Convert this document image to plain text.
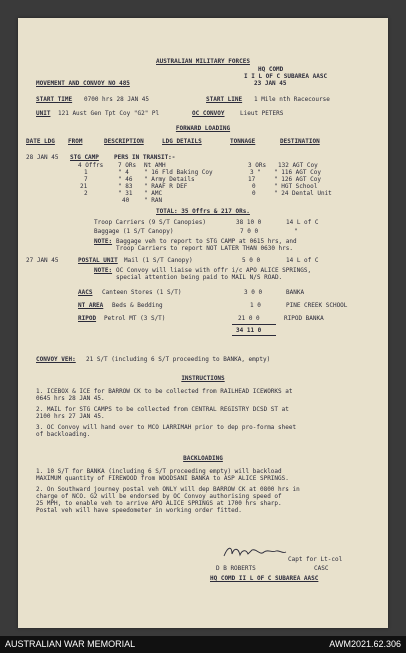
AUSTRALIAN MILITARY FORCES
HQ COMD
I I L OF C SUBAREA AASC
23 JAN 45
MOVEMENT AND CONVOY NO 485
START TIME 0700 hrs 28 JAN 45	START LINE 1 Mile nth Racecourse
UNIT 121 Aust Gen Tpt Coy "G2" Pl	OC CONVOY	Lieut PETERS
FORWARD LOADING
DATE LDG FROM	DESCRIPTION	LDG DETAILS	TONNAGE	DESTINATION
28 JAN 45 STG CAMP	PERS IN TRANSIT:-
4 Offrs 7 ORs Nt AMH	3 ORs 132 AGT Coy
1	" 4	" 16 Fld Baking Coy	3 " " 116 AGT Coy
7	" 46 " Army Details	17	" 126 AGT Coy
21	" 83 " RAAF R DEF	0	" HGT School
2	" 31 " AMC	0	" 24 Dental Unit
40 " RAN
TOTAL: 35 Offrs & 217 ORs.
Troop Carriers (9 S/T Canopies)	38 10 0	14 L of C
Baggage (1 S/T Canopy)	7 0 0	"
NOTE: Baggage veh to report to STG CAMP at 0615 hrs, and
Troop Carriers to report NOT LATER THAN 0630 hrs.
27 JAN 45	POSTAL UNIT Mail (1 S/T Canopy)	5 0 0	14 L of C
NOTE: OC Convoy will liaise with offr i/c APO ALICE SPRINGS,
special attention being paid to MAIL N/S ROAD.
AACS Canteen Stores (1 S/T)	3 0 0	BANKA
NT AREA Beds & Bedding	1 0	PINE CREEK SCHOOL
RIPOD Petrol MT (3 S/T)	21 0 0	RIPOD BANKA
34 11 0
CONVOY VEH: 21 S/T (including 6 S/T proceeding to BANKA, empty)
INSTRUCTIONS
1. ICEBOX & ICE for BARROW CK to be collected from RAILHEAD ICEWORKS at
0645 hrs 28 JAN 45.
2. MAIL for STG CAMPS to be collected from CENTRAL REGISTRY DCSD ST at
2100 hrs 27 JAN 45.
3. OC Convoy will hand over to MCO LARRIMAH prior to dep pro-forma sheet
of backloading.
BACKLOADING
1. 10 S/T for BANKA (including 6 S/T proceeding empty) will backload
MAXIMUM quantity of FIREWOOD from WOODSANI BANKA to ASP ALICE SPRINGS.
2. On Southward journey postal veh ONLY will dep BARROW CK at 0800 hrs in
charge of NCO. G2 will be endorsed by OC Convoy authorising speed of
25 MPH, to enable veh to arrive APO ALICE SPRINGS at 1700 hrs sharp.
Postal veh will have speedometer in working order fitted.
Capt for Lt-col
D B ROBERTS	CASC
HQ COMD II L OF C SUBAREA AASC
AUSTRALIAN WAR MEMORIAL	AWM2021.62.306
